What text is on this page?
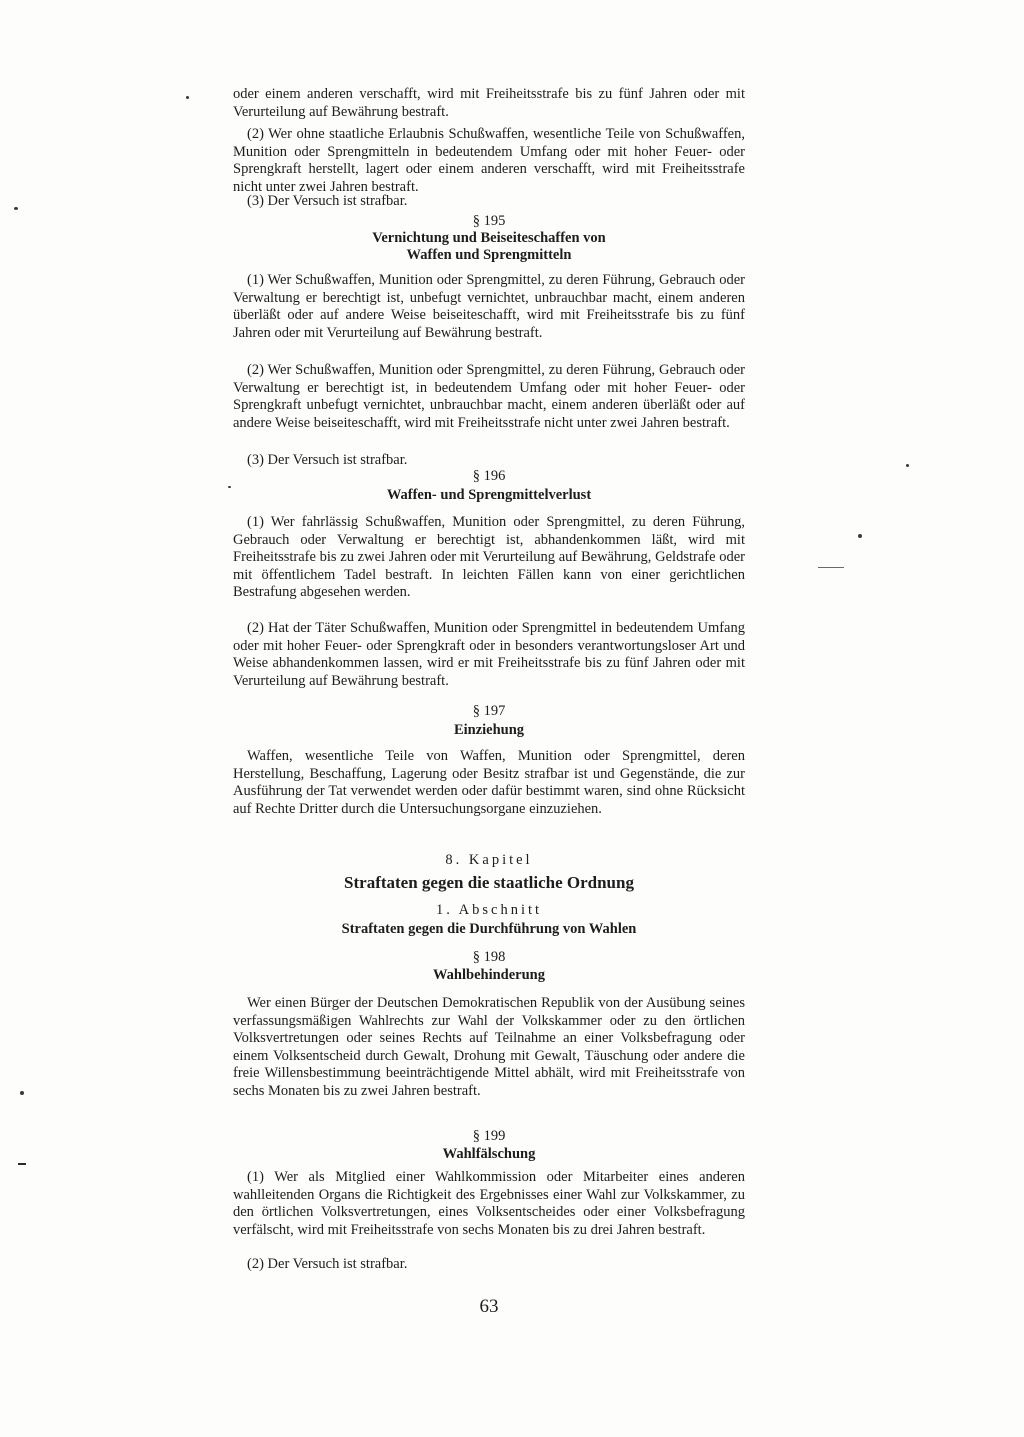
oder einem anderen verschafft, wird mit Freiheitsstrafe bis zu fünf Jahren oder mit Verurteilung auf Bewährung bestraft.

(2) Wer ohne staatliche Erlaubnis Schußwaffen, wesentliche Teile von Schußwaffen, Munition oder Sprengmitteln in bedeutendem Umfang oder mit hoher Feuer- oder Sprengkraft herstellt, lagert oder einem anderen verschafft, wird mit Freiheitsstrafe nicht unter zwei Jahren bestraft.

(3) Der Versuch ist strafbar.

§ 195

Vernichtung und Beiseiteschaffen von

Waffen und Sprengmitteln

(1) Wer Schußwaffen, Munition oder Sprengmittel, zu deren Führung, Gebrauch oder Verwaltung er berechtigt ist, unbefugt vernichtet, unbrauchbar macht, einem anderen überläßt oder auf andere Weise beiseiteschafft, wird mit Freiheitsstrafe bis zu fünf Jahren oder mit Verurteilung auf Bewährung bestraft.

(2) Wer Schußwaffen, Munition oder Sprengmittel, zu deren Führung, Gebrauch oder Verwaltung er berechtigt ist, in bedeutendem Umfang oder mit hoher Feuer- oder Sprengkraft unbefugt vernichtet, unbrauchbar macht, einem anderen überläßt oder auf andere Weise beiseiteschafft, wird mit Freiheitsstrafe nicht unter zwei Jahren bestraft.

(3) Der Versuch ist strafbar.

§ 196

Waffen- und Sprengmittelverlust

(1) Wer fahrlässig Schußwaffen, Munition oder Sprengmittel, zu deren Führung, Gebrauch oder Verwaltung er berechtigt ist, abhandenkommen läßt, wird mit Freiheitsstrafe bis zu zwei Jahren oder mit Verurteilung auf Bewährung, Geldstrafe oder mit öffentlichem Tadel bestraft. In leichten Fällen kann von einer gerichtlichen Bestrafung abgesehen werden.

(2) Hat der Täter Schußwaffen, Munition oder Sprengmittel in bedeutendem Umfang oder mit hoher Feuer- oder Sprengkraft oder in besonders verantwortungsloser Art und Weise abhandenkommen lassen, wird er mit Freiheitsstrafe bis zu fünf Jahren oder mit Verurteilung auf Bewährung bestraft.

§ 197

Einziehung

Waffen, wesentliche Teile von Waffen, Munition oder Sprengmittel, deren Herstellung, Beschaffung, Lagerung oder Besitz strafbar ist und Gegenstände, die zur Ausführung der Tat verwendet werden oder dafür bestimmt waren, sind ohne Rücksicht auf Rechte Dritter durch die Untersuchungsorgane einzuziehen.

8. Kapitel

Straftaten gegen die staatliche Ordnung

1. Abschnitt

Straftaten gegen die Durchführung von Wahlen

§ 198

Wahlbehinderung

Wer einen Bürger der Deutschen Demokratischen Republik von der Ausübung seines verfassungsmäßigen Wahlrechts zur Wahl der Volkskammer oder zu den örtlichen Volksvertretungen oder seines Rechts auf Teilnahme an einer Volksbefragung oder einem Volksentscheid durch Gewalt, Drohung mit Gewalt, Täuschung oder andere die freie Willensbestimmung beeinträchtigende Mittel abhält, wird mit Freiheitsstrafe von sechs Monaten bis zu zwei Jahren bestraft.

§ 199

Wahlfälschung

(1) Wer als Mitglied einer Wahlkommission oder Mitarbeiter eines anderen wahlleitenden Organs die Richtigkeit des Ergebnisses einer Wahl zur Volkskammer, zu den örtlichen Volksvertretungen, eines Volksentscheides oder einer Volksbefragung verfälscht, wird mit Freiheitsstrafe von sechs Monaten bis zu drei Jahren bestraft.

(2) Der Versuch ist strafbar.

63
